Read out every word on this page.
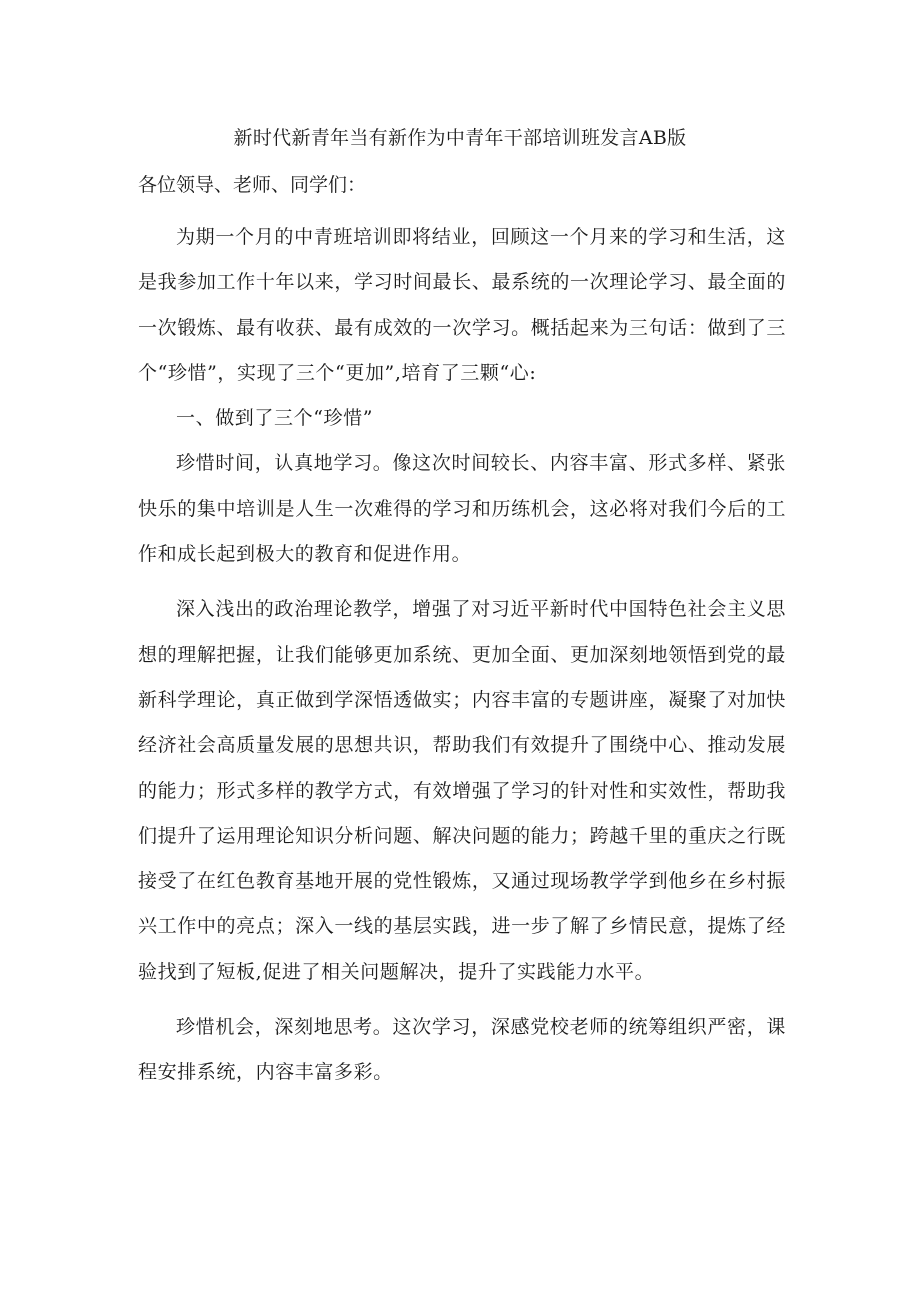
新时代新青年当有新作为中青年干部培训班发言AB版
各位领导、老师、同学们：

为期一个月的中青班培训即将结业，回顾这一个月来的学习和生活，这是我参加工作十年以来，学习时间最长、最系统的一次理论学习、最全面的一次锻炼、最有收获、最有成效的一次学习。概括起来为三句话：做到了三个“珍惜”，实现了三个“更加”,培育了三颗“心:

一、做到了三个“珍惜”

珍惜时间，认真地学习。像这次时间较长、内容丰富、形式多样、紧张快乐的集中培训是人生一次难得的学习和历练机会，这必将对我们今后的工作和成长起到极大的教育和促进作用。

深入浅出的政治理论教学，增强了对习近平新时代中国特色社会主义思想的理解把握，让我们能够更加系统、更加全面、更加深刻地领悟到党的最新科学理论，真正做到学深悟透做实；内容丰富的专题讲座，凝聚了对加快经济社会高质量发展的思想共识，帮助我们有效提升了围绕中心、推动发展的能力；形式多样的教学方式，有效增强了学习的针对性和实效性，帮助我们提升了运用理论知识分析问题、解决问题的能力；跨越千里的重庆之行既接受了在红色教育基地开展的党性锻炼，又通过现场教学学到他乡在乡村振兴工作中的亮点；深入一线的基层实践，进一步了解了乡情民意，提炼了经验找到了短板,促进了相关问题解决，提升了实践能力水平。

珍惜机会，深刻地思考。这次学习，深感党校老师的统筹组织严密，课程安排系统，内容丰富多彩。
